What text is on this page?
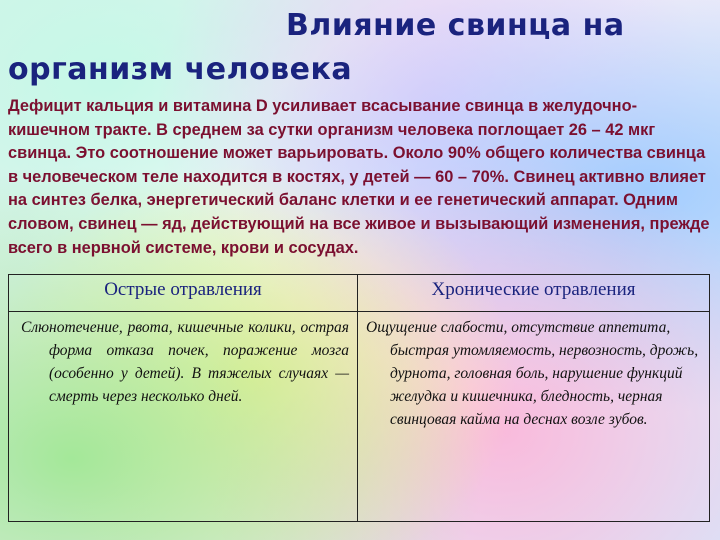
Влияние свинца на
организм человека
Острые отравления	Хронические отравления
Слюнотечение, рвота, кишечные колики, острая форма отказа почек, поражение мозга (особенно у детей). В тяжелых случаях — смерть через несколько дней.
Ощущение слабости, отсутствие аппетита, быстрая утомляемость, нервозность, дрожь, дурнота, головная боль, нарушение функций желудка и кишечника, бледность, черная свинцовая кайма на деснах возле зубов.

Дефицит кальция и витамина D усиливает всасывание свинца в желудочно-кишечном тракте. В среднем за сутки организм человека поглощает 26 – 42 мкг свинца. Это соотношение может варьировать. Около 90% общего количества свинца в человеческом теле находится в костях, у детей — 60 – 70%. Свинец активно влияет на синтез белка, энергетический баланс клетки и ее генетический аппарат. Одним словом, свинец — яд, действующий на все живое и вызывающий изменения, прежде всего в нервной системе, крови и сосудах.
